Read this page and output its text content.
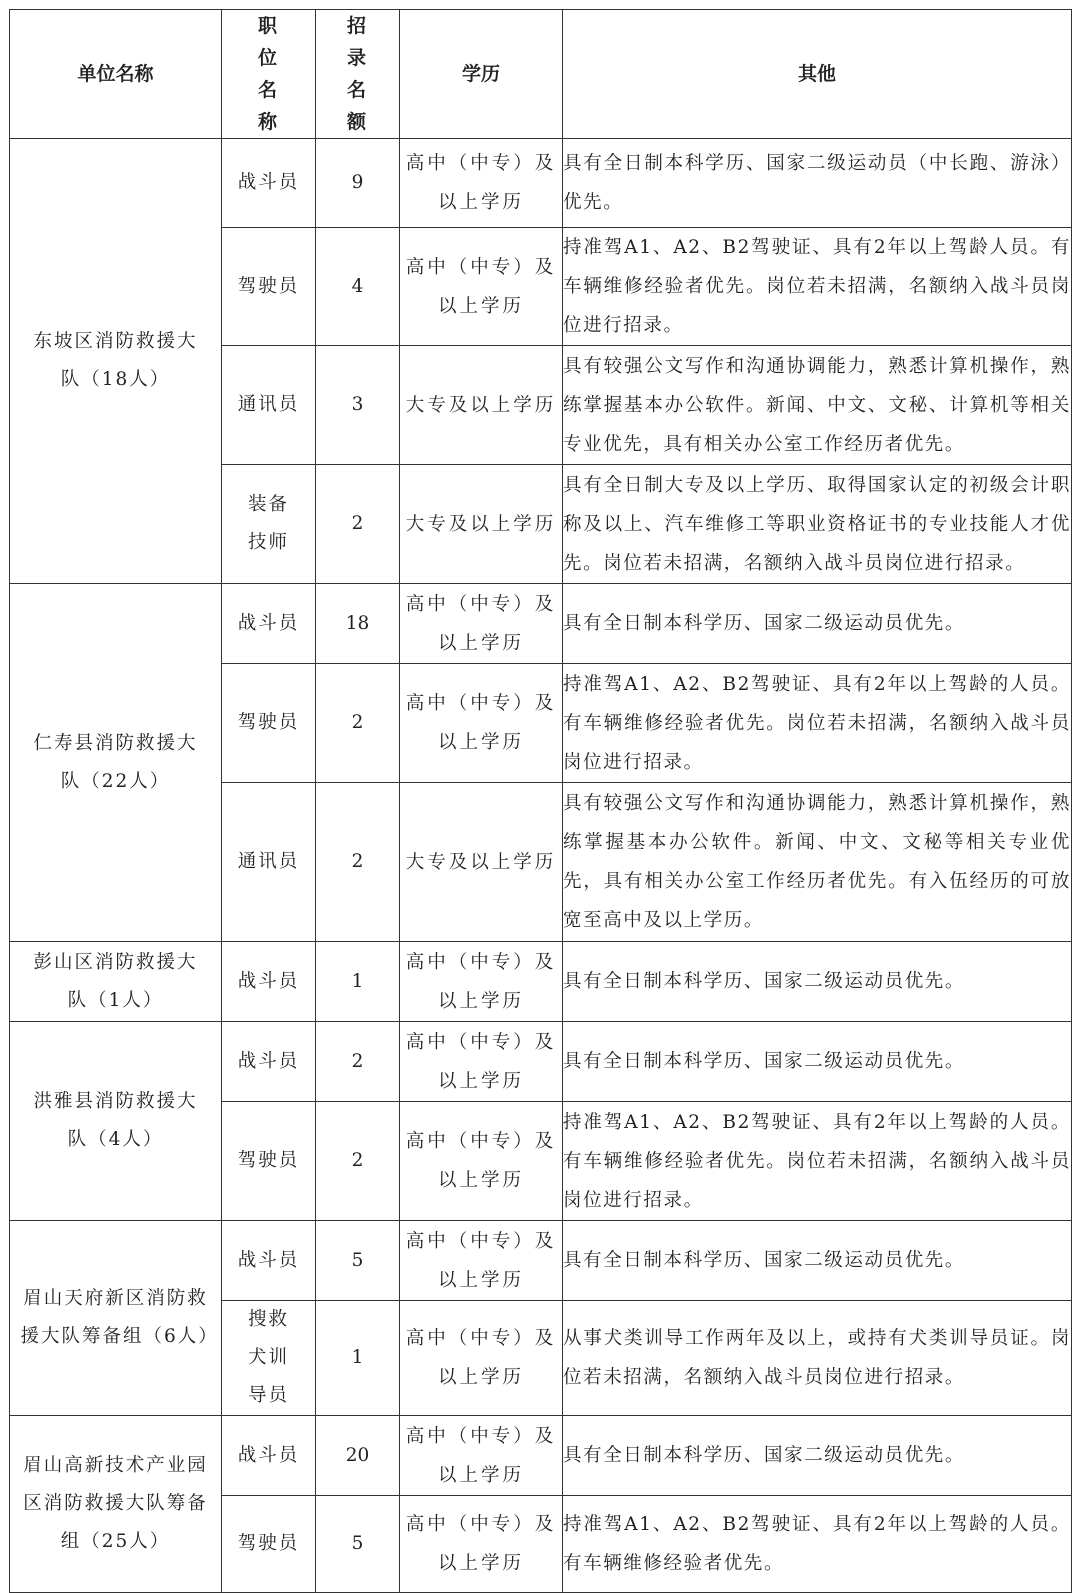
单位名称	职位名称	招录名额	学历	其他

东坡区消防救援大队（18人）	战斗员	9	高中（中专）及以上学历	具有全日制本科学历、国家二级运动员（中长跑、游泳）优先。
	驾驶员	4	高中（中专）及以上学历	持准驾A1、A2、B2驾驶证、具有2年以上驾龄人员。有车辆维修经验者优先。岗位若未招满，名额纳入战斗员岗位进行招录。
	通讯员	3	大专及以上学历	具有较强公文写作和沟通协调能力，熟悉计算机操作，熟练掌握基本办公软件。新闻、中文、文秘、计算机等相关专业优先，具有相关办公室工作经历者优先。

	装备技师	2	大专及以上学历	具有全日制大专及以上学历、取得国家认定的初级会计职称及以上、汽车维修工等职业资格证书的专业技能人才优先。岗位若未招满，名额纳入战斗员岗位进行招录。

仁寿县消防救援大队（22人）	战斗员	18	高中（中专）及以上学历	具有全日制本科学历、国家二级运动员优先。
	驾驶员	2	高中（中专）及以上学历	持准驾A1、A2、B2驾驶证、具有2年以上驾龄的人员。有车辆维修经验者优先。岗位若未招满，名额纳入战斗员岗位进行招录。
	通讯员	2	大专及以上学历	具有较强公文写作和沟通协调能力，熟悉计算机操作，熟练掌握基本办公软件。新闻、中文、文秘等相关专业优先，具有相关办公室工作经历者优先。有入伍经历的可放宽至高中及以上学历。

彭山区消防救援大队（1人）	战斗员	1	高中（中专）及以上学历	具有全日制本科学历、国家二级运动员优先。

洪雅县消防救援大队（4人）	战斗员	2	高中（中专）及以上学历	具有全日制本科学历、国家二级运动员优先。
	驾驶员	2	高中（中专）及以上学历	持准驾A1、A2、B2驾驶证、具有2年以上驾龄的人员。有车辆维修经验者优先。岗位若未招满，名额纳入战斗员岗位进行招录。

眉山天府新区消防救援大队筹备组（6人）	战斗员	5	高中（中专）及以上学历	具有全日制本科学历、国家二级运动员优先。

	搜救犬训导员	1	高中（中专）及以上学历	从事犬类训导工作两年及以上，或持有犬类训导员证。岗位若未招满，名额纳入战斗员岗位进行招录。

眉山高新技术产业园区消防救援大队筹备组（25人）	战斗员	20	高中（中专）及以上学历	具有全日制本科学历、国家二级运动员优先。
	驾驶员	5	高中（中专）及以上学历	持准驾A1、A2、B2驾驶证、具有2年以上驾龄的人员。有车辆维修经验者优先。
